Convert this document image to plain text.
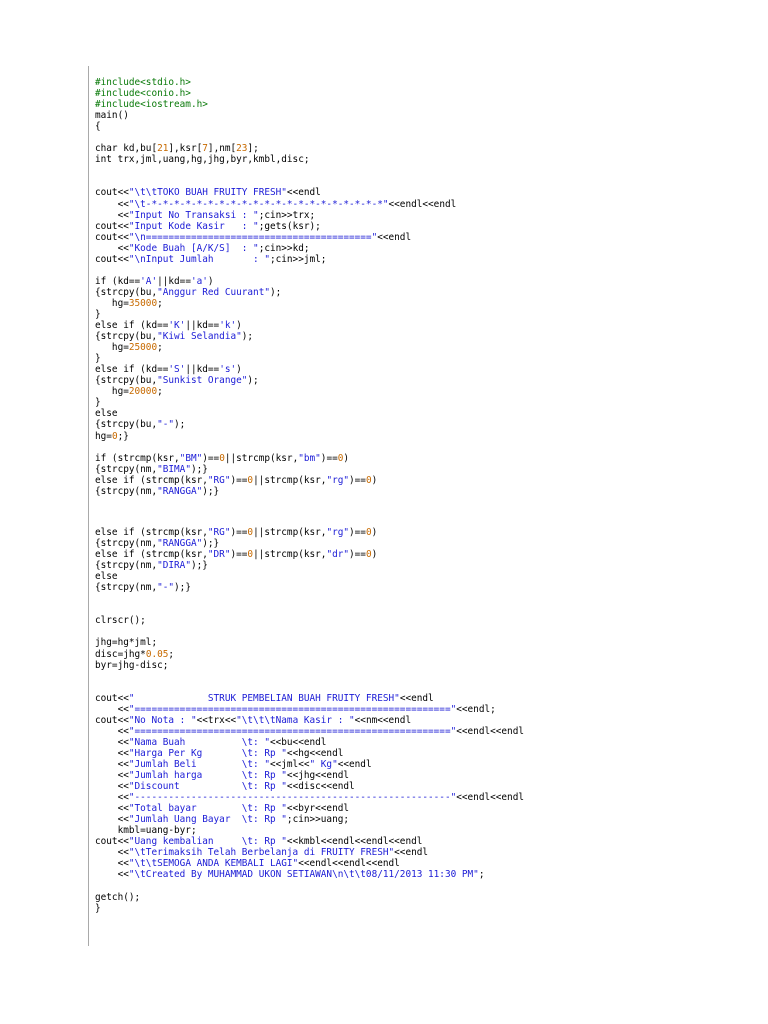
#include<stdio.h>
#include<conio.h>
#include<iostream.h>
main()
{
char kd,bu[21],ksr[7],nm[23];
int trx,jml,uang,hg,jhg,byr,kmbl,disc;
cout<<"\t\tTOKO BUAH FRUITY FRESH"<<endl
<<"\t-*-*-*-*-*-*-*-*-*-*-*-*-*-*-*-*-*-*-*-*-*"<<endl<<endl
<<"Input No Transaksi : ";cin>>trx;
cout<<"Input Kode Kasir   : ";gets(ksr);
cout<<"\n========================================"<<endl
<<"Kode Buah [A/K/S]  : ";cin>>kd;
cout<<"\nInput Jumlah       : ";cin>>jml;
if (kd=='A'||kd=='a')
{strcpy(bu,"Anggur Red Cuurant");
hg=35000;
}
else if (kd=='K'||kd=='k')
{strcpy(bu,"Kiwi Selandia");
hg=25000;
}
else if (kd=='S'||kd=='s')
{strcpy(bu,"Sunkist Orange");
hg=20000;
}
else
{strcpy(bu,"-");
hg=0;}
if (strcmp(ksr,"BM")==0||strcmp(ksr,"bm")==0)
{strcpy(nm,"BIMA");}
else if (strcmp(ksr,"RG")==0||strcmp(ksr,"rg")==0)
{strcpy(nm,"RANGGA");}
else if (strcmp(ksr,"RG")==0||strcmp(ksr,"rg")==0)
{strcpy(nm,"RANGGA");}
else if (strcmp(ksr,"DR")==0||strcmp(ksr,"dr")==0)
{strcpy(nm,"DIRA");}
else
{strcpy(nm,"-");}
clrscr();
jhg=hg*jml;
disc=jhg*0.05;
byr=jhg-disc;
cout<<"             STRUK PEMBELIAN BUAH FRUITY FRESH"<<endl
<<"========================================================"<<endl;
cout<<"No Nota : "<<trx<<"\t\t\tNama Kasir : "<<nm<<endl
<<"========================================================"<<endl<<endl
<<"Nama Buah          \t: "<<bu<<endl
<<"Harga Per Kg       \t: Rp "<<hg<<endl
<<"Jumlah Beli        \t: "<<jml<<" Kg"<<endl
<<"Jumlah harga       \t: Rp "<<jhg<<endl
<<"Discount           \t: Rp "<<disc<<endl
<<"--------------------------------------------------------"<<endl<<endl
<<"Total bayar        \t: Rp "<<byr<<endl
<<"Jumlah Uang Bayar  \t: Rp ";cin>>uang;
kmbl=uang-byr;
cout<<"Uang kembalian     \t: Rp "<<kmbl<<endl<<endl<<endl
<<"\tTerimaksih Telah Berbelanja di FRUITY FRESH"<<endl
<<"\t\tSEMOGA ANDA KEMBALI LAGI"<<endl<<endl<<endl
<<"\tCreated By MUHAMMAD UKON SETIAWAN\n\t\t08/11/2013 11:30 PM";
getch();
}
